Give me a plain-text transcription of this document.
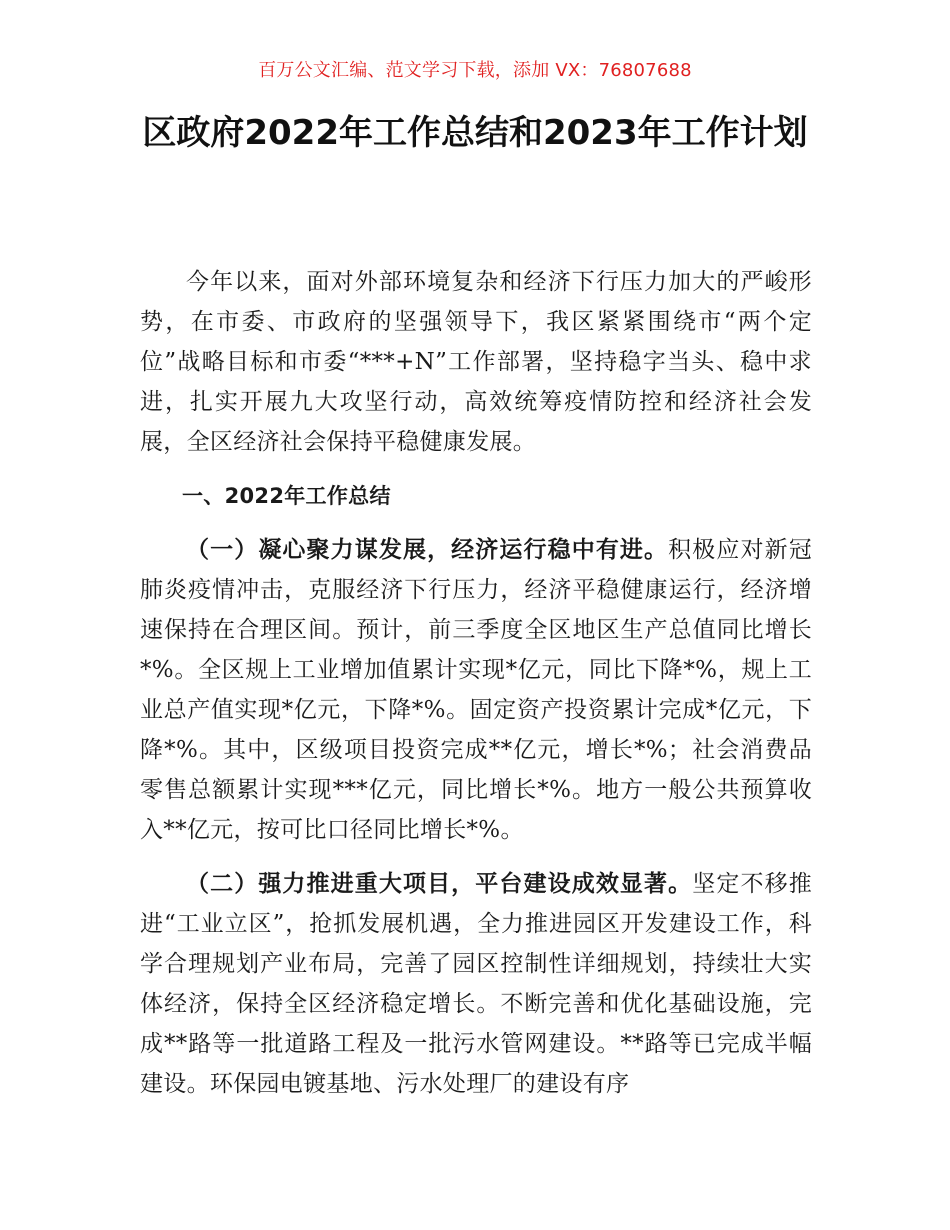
百万公文汇编、范文学习下载，添加 VX：76807688
区政府2022年工作总结和2023年工作计划

今年以来，面对外部环境复杂和经济下行压力加大的严峻形势，在市委、市政府的坚强领导下，我区紧紧围绕市“两个定位”战略目标和市委“***+N”工作部署，坚持稳字当头、稳中求进，扎实开展九大攻坚行动，高效统筹疫情防控和经济社会发展，全区经济社会保持平稳健康发展。

一、2022年工作总结

（一）凝心聚力谋发展，经济运行稳中有进。积极应对新冠肺炎疫情冲击，克服经济下行压力，经济平稳健康运行，经济增速保持在合理区间。预计，前三季度全区地区生产总值同比增长*%。全区规上工业增加值累计实现*亿元，同比下降*%，规上工业总产值实现*亿元，下降*%。固定资产投资累计完成*亿元，下降*%。其中，区级项目投资完成**亿元，增长*%；社会消费品零售总额累计实现***亿元，同比增长*%。地方一般公共预算收入**亿元，按可比口径同比增长*%。

（二）强力推进重大项目，平台建设成效显著。坚定不移推进“工业立区”，抢抓发展机遇，全力推进园区开发建设工作，科学合理规划产业布局，完善了园区控制性详细规划，持续壮大实体经济，保持全区经济稳定增长。不断完善和优化基础设施，完成**路等一批道路工程及一批污水管网建设。**路等已完成半幅建设。环保园电镀基地、污水处理厂的建设有序
